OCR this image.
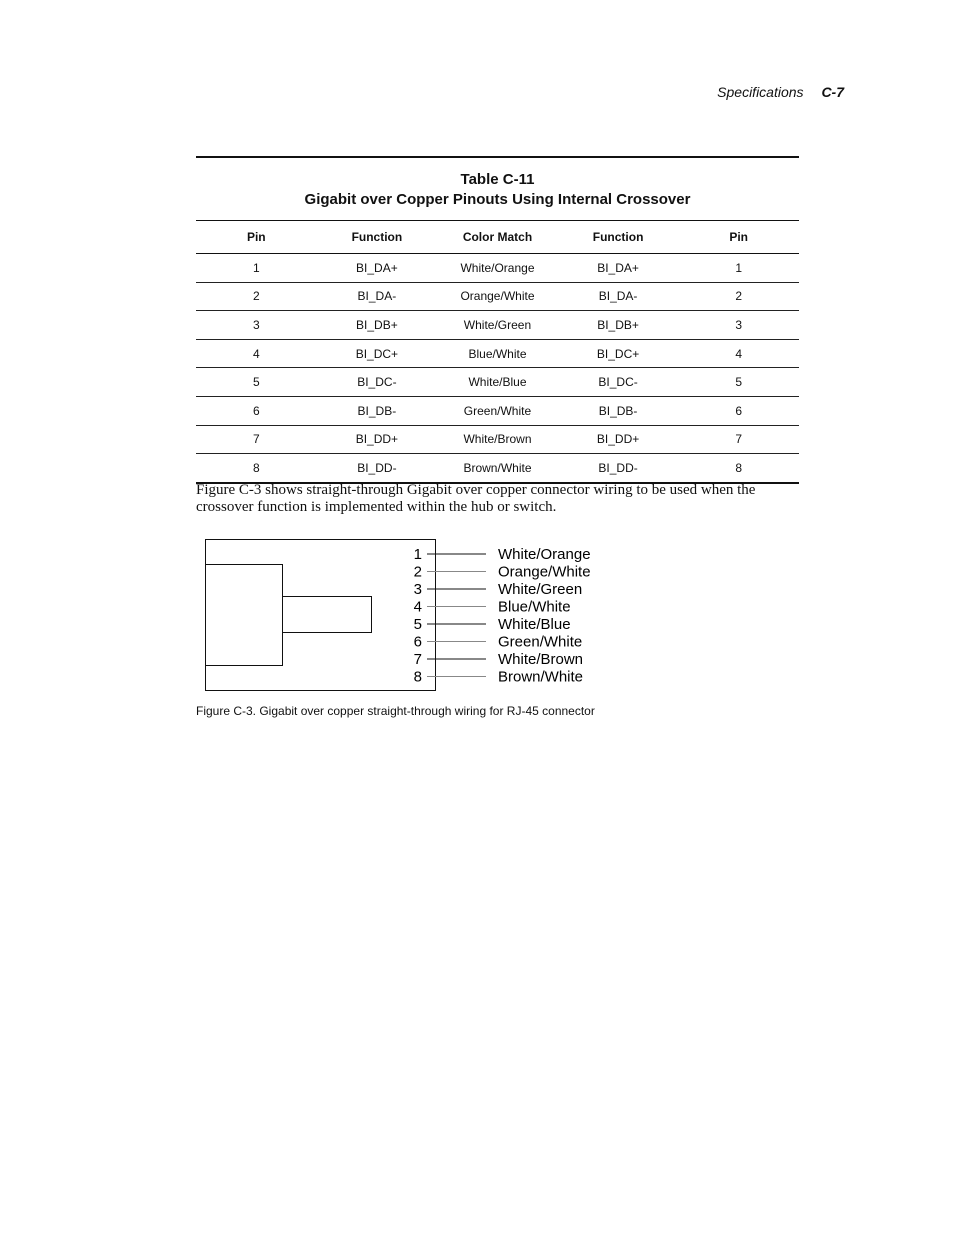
Specifications C-7
Table C-11
Gigabit over Copper Pinouts Using Internal Crossover
Pin	Function	Color Match	Function	Pin
1	BI_DA+	White/Orange	BI_DA+	1
2	BI_DA-	Orange/White	BI_DA-	2
3	BI_DB+	White/Green	BI_DB+	3
4	BI_DC+	Blue/White	BI_DC+	4
5	BI_DC-	White/Blue	BI_DC-	5
6	BI_DB-	Green/White	BI_DB-	6
7	BI_DD+	White/Brown	BI_DD+	7
8	BI_DD-	Brown/White	BI_DD-	8
Figure C-3 shows straight-through Gigabit over copper connector wiring to be used when the crossover function is implemented within the hub or switch.
1	White/Orange
2	Orange/White
3	White/Green
4	Blue/White
5	White/Blue
6	Green/White
7	White/Brown
8	Brown/White
Figure C-3. Gigabit over copper straight-through wiring for RJ-45 connector
